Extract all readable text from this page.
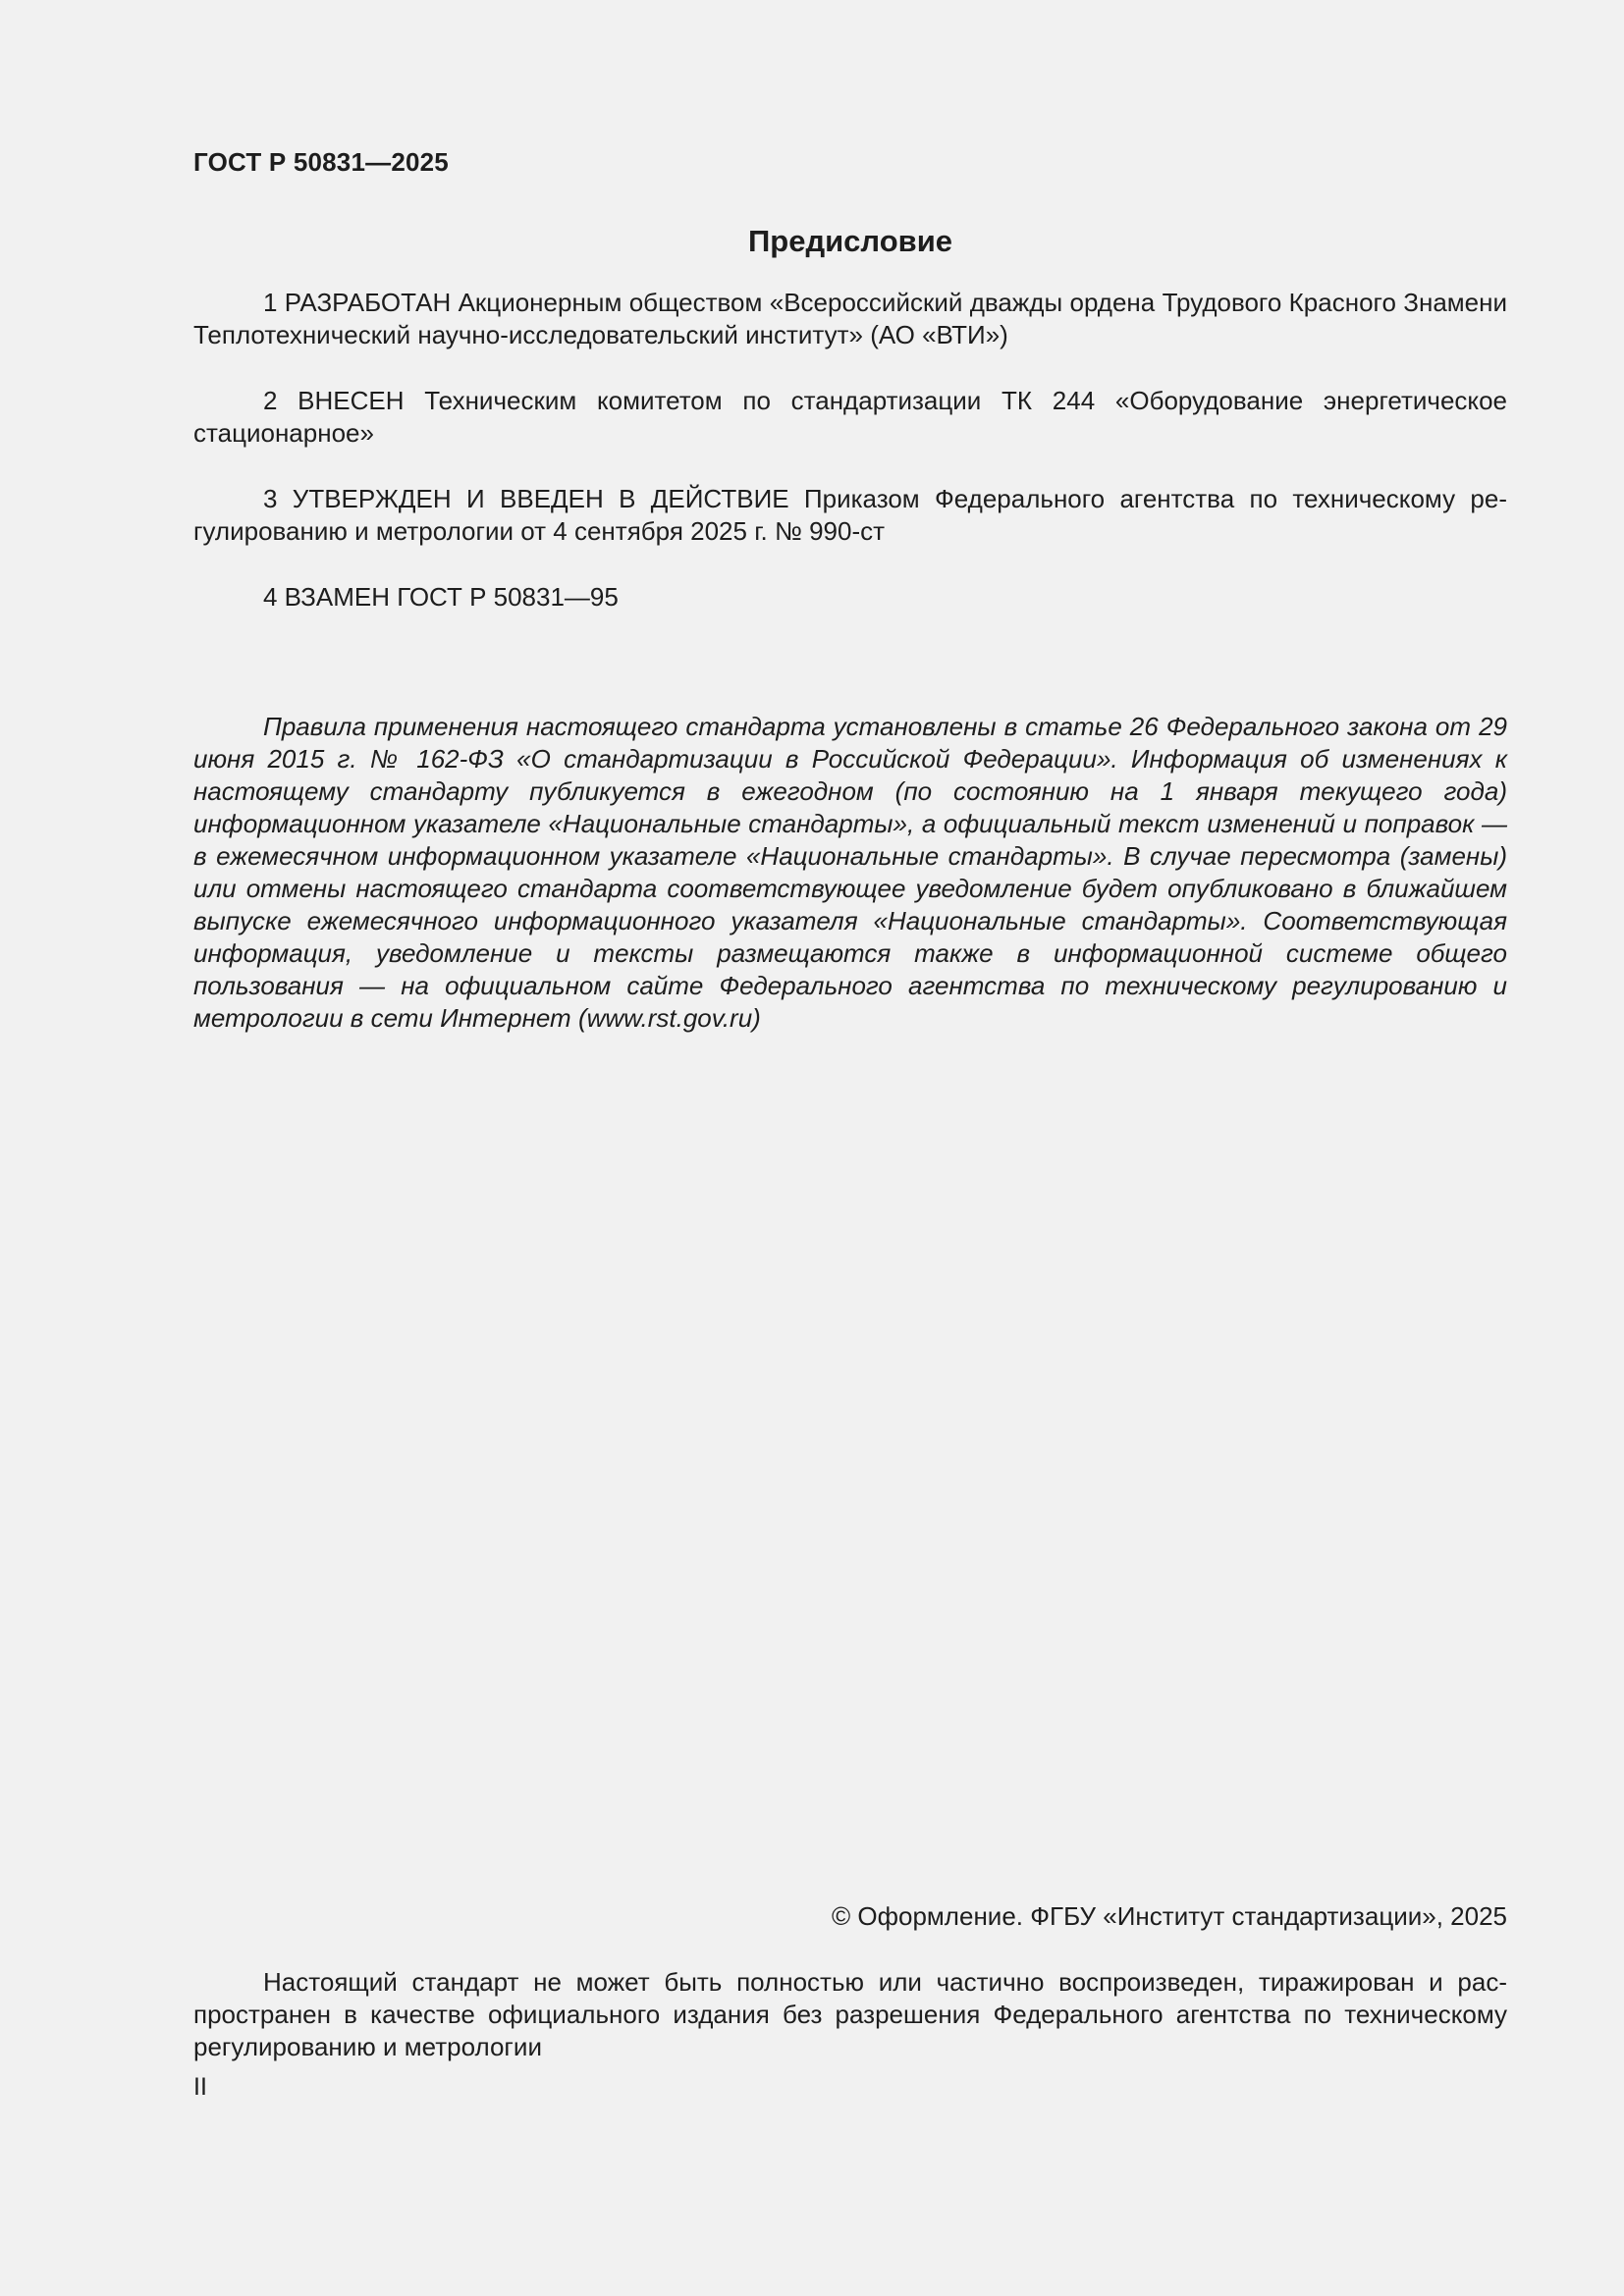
ГОСТ Р 50831—2025
Предисловие

1 РАЗРАБОТАН Акционерным обществом «Всероссийский дважды ордена Трудового Красного Знамени Теплотехнический научно-исследовательский институт» (АО «ВТИ»)

2 ВНЕСЕН Техническим комитетом по стандартизации ТК 244 «Оборудование энергетическое стационарное»

3 УТВЕРЖДЕН И ВВЕДЕН В ДЕЙСТВИЕ Приказом Федерального агентства по техническому регулированию и метрологии от 4 сентября 2025 г. № 990-ст

4 ВЗАМЕН ГОСТ Р 50831—95

Правила применения настоящего стандарта установлены в статье 26 Федерального закона от 29 июня 2015 г. № 162-ФЗ «О стандартизации в Российской Федерации». Информация об изменениях к настоящему стандарту публикуется в ежегодном (по состоянию на 1 января текущего года) информационном указателе «Национальные стандарты», а официальный текст изменений и поправок — в ежемесячном информационном указателе «Национальные стандарты». В случае пересмотра (замены) или отмены настоящего стандарта соответствующее уведомление будет опубликовано в ближайшем выпуске ежемесячного информационного указателя «Национальные стандарты». Соответствующая информация, уведомление и тексты размещаются также в информационной системе общего пользования — на официальном сайте Федерального агентства по техническому регулированию и метрологии в сети Интернет (www.rst.gov.ru)

© Оформление. ФГБУ «Институт стандартизации», 2025

Настоящий стандарт не может быть полностью или частично воспроизведен, тиражирован и распространен в качестве официального издания без разрешения Федерального агентства по техническому регулированию и метрологии

II
